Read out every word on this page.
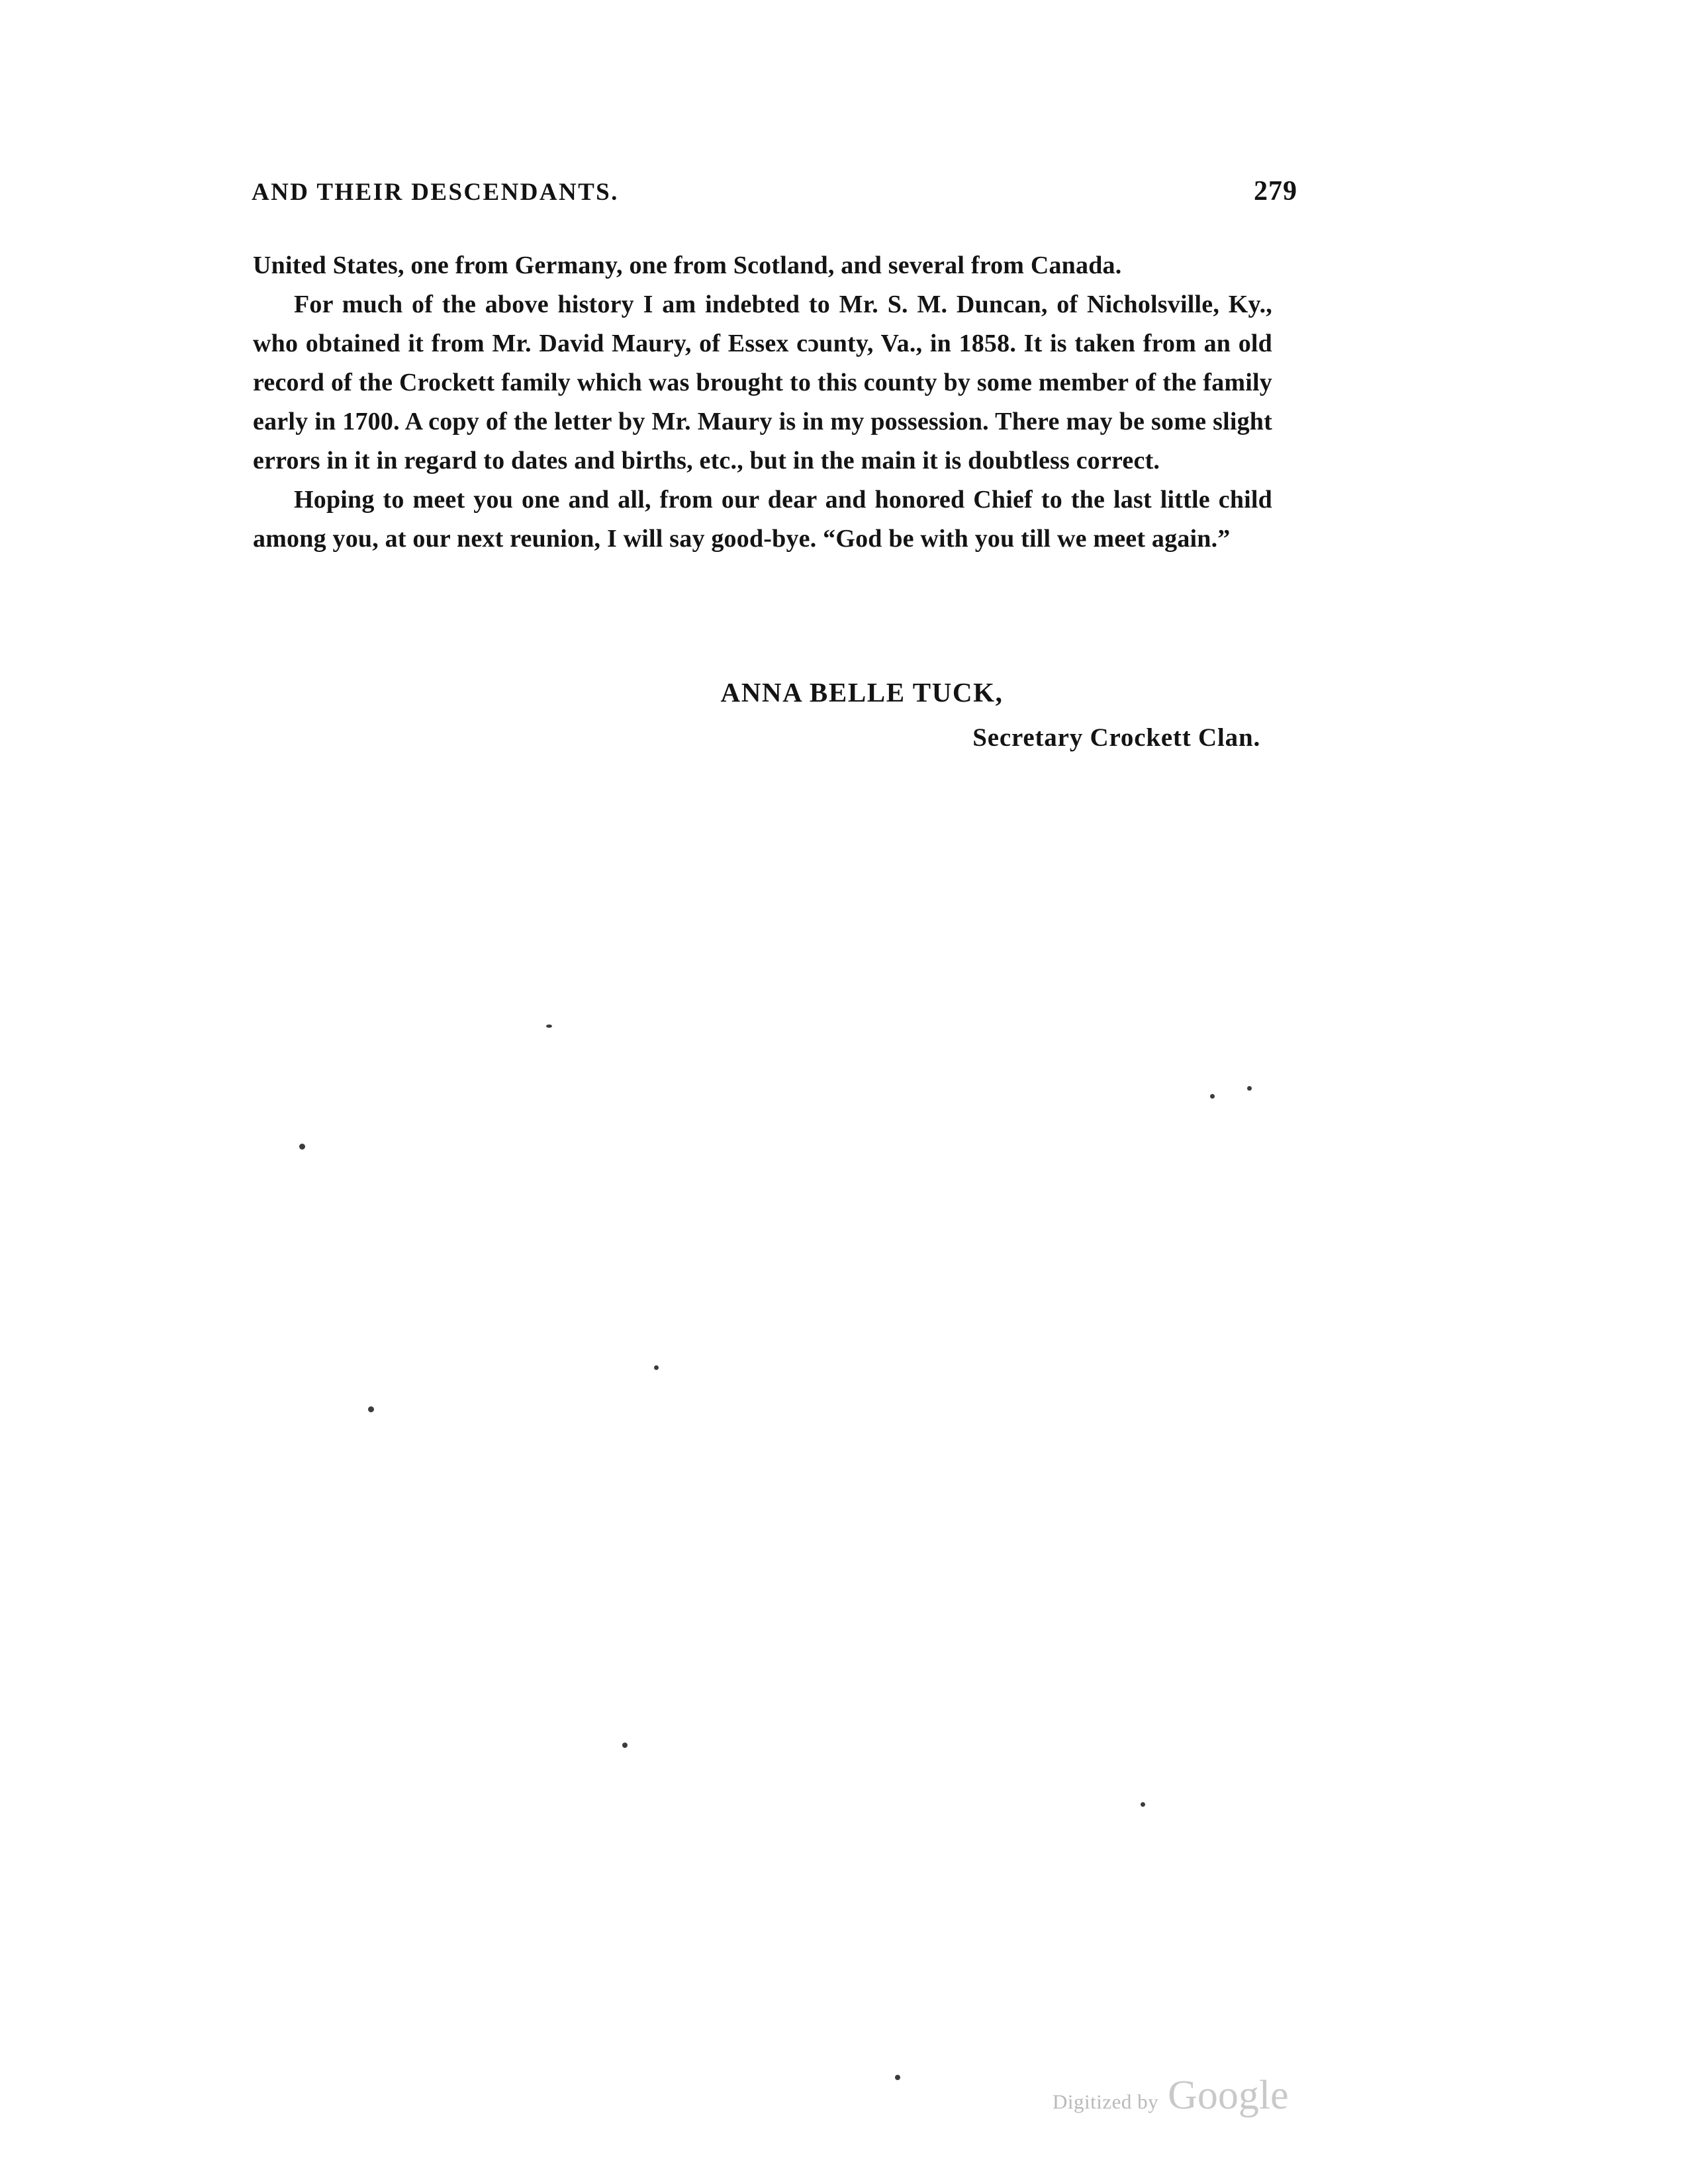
AND THEIR DESCENDANTS.	279

United States, one from Germany, one from Scotland, and several from Canada.

For much of the above history I am indebted to Mr. S. M. Duncan, of Nicholsville, Ky., who obtained it from Mr. David Maury, of Essex cɔunty, Va., in 1858. It is taken from an old record of the Crockett family which was brought to this county by some member of the family early in 1700. A copy of the letter by Mr. Maury is in my possession. There may be some slight errors in it in regard to dates and births, etc., but in the main it is doubtless correct.

Hoping to meet you one and all, from our dear and honored Chief to the last little child among you, at our next reunion, I will say good-bye. “God be with you till we meet again.”

ANNA BELLE TUCK,
Secretary Crockett Clan.
Digitized by Google
